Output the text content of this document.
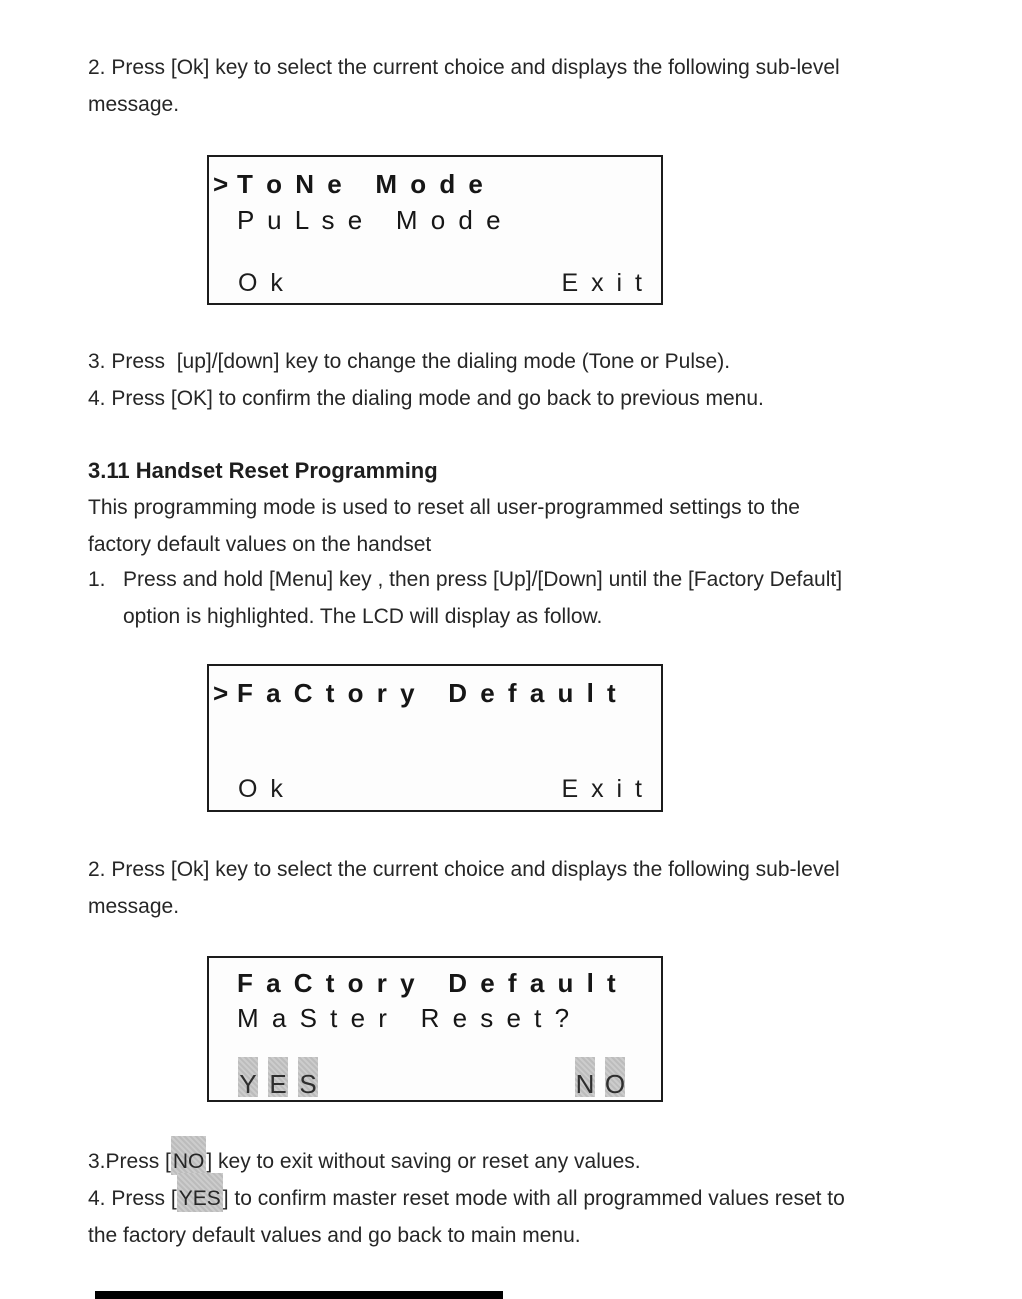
2. Press [Ok] key to select the current choice and displays the following sub-level
message.
> T o N e   M o d e
P u L s e   M o d e
O k	E x i t
3. Press  [up]/[down] key to change the dialing mode (Tone or Pulse).
4. Press [OK] to confirm the dialing mode and go back to previous menu.
3.11 Handset Reset Programming
This programming mode is used to reset all user-programmed settings to the
factory default values on the handset
1.   Press and hold [Menu] key , then press [Up]/[Down] until the [Factory Default]
option is highlighted. The LCD will display as follow.
> F a C t o r y   D e f a u l t
O k	E x i t
2. Press [Ok] key to select the current choice and displays the following sub-level
message.
F a C t o r y   D e f a u l t
M a S t e r   R e s e t ?
Y E S	N O
3.Press [NO] key to exit without saving or reset any values.
4. Press [YES] to confirm master reset mode with all programmed values reset to
the factory default values and go back to main menu.
